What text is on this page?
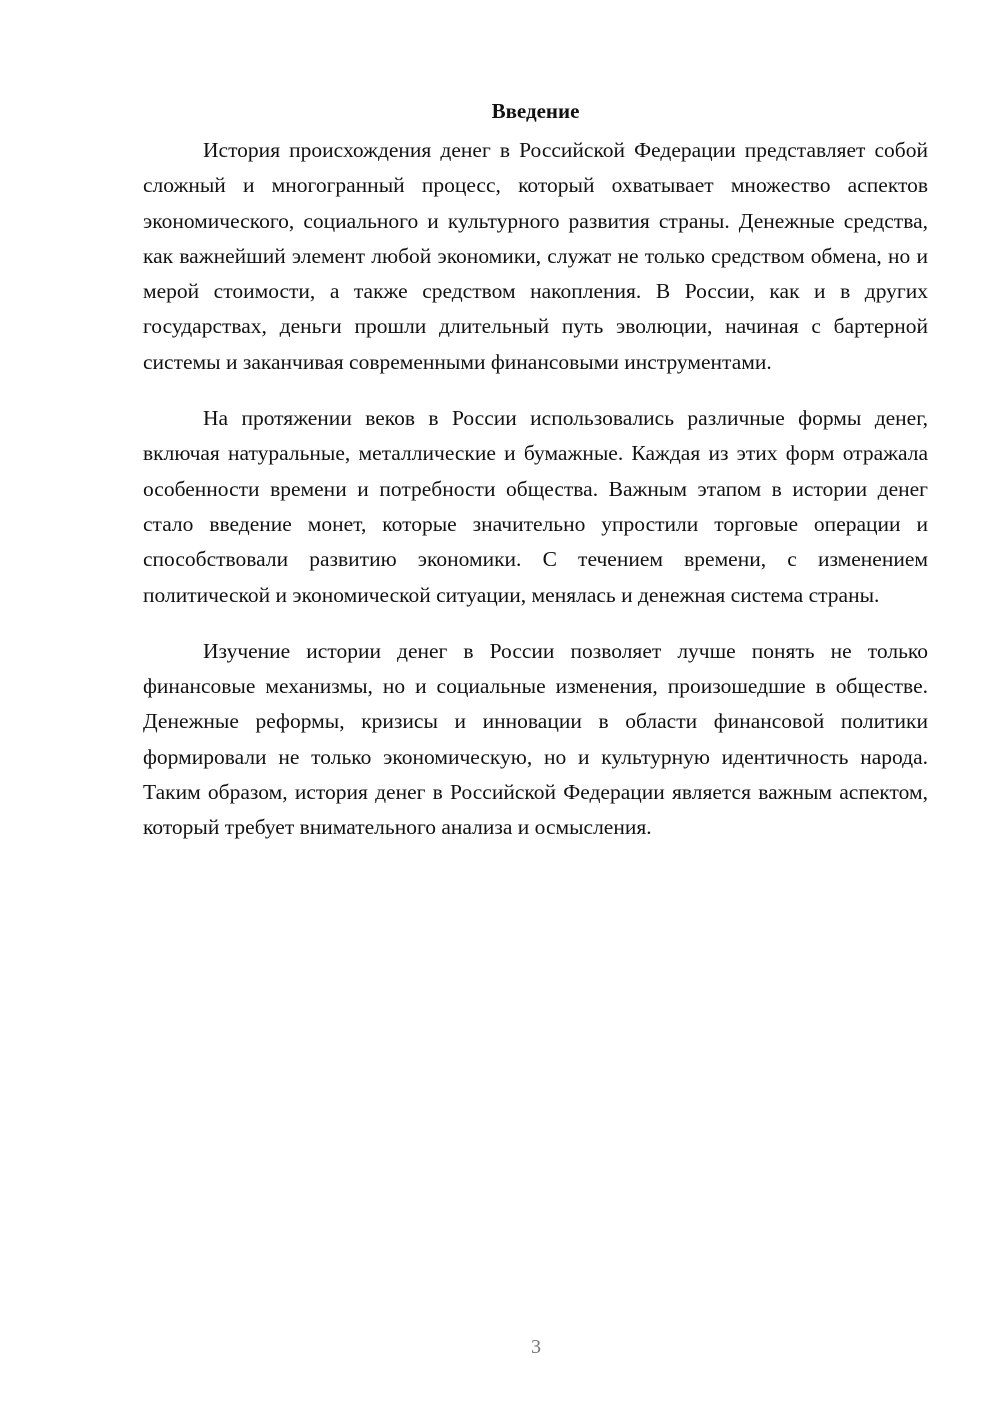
Введение

История происхождения денег в Российской Федерации представляет собой сложный и многогранный процесс, который охватывает множество аспектов экономического, социального и культурного развития страны. Денежные средства, как важнейший элемент любой экономики, служат не только средством обмена, но и мерой стоимости, а также средством накопления. В России, как и в других государствах, деньги прошли длительный путь эволюции, начиная с бартерной системы и заканчивая современными финансовыми инструментами.

На протяжении веков в России использовались различные формы денег, включая натуральные, металлические и бумажные. Каждая из этих форм отражала особенности времени и потребности общества. Важным этапом в истории денег стало введение монет, которые значительно упростили торговые операции и способствовали развитию экономики. С течением времени, с изменением политической и экономической ситуации, менялась и денежная система страны.

Изучение истории денег в России позволяет лучше понять не только финансовые механизмы, но и социальные изменения, произошедшие в обществе. Денежные реформы, кризисы и инновации в области финансовой политики формировали не только экономическую, но и культурную идентичность народа. Таким образом, история денег в Российской Федерации является важным аспектом, который требует внимательного анализа и осмысления.

3
